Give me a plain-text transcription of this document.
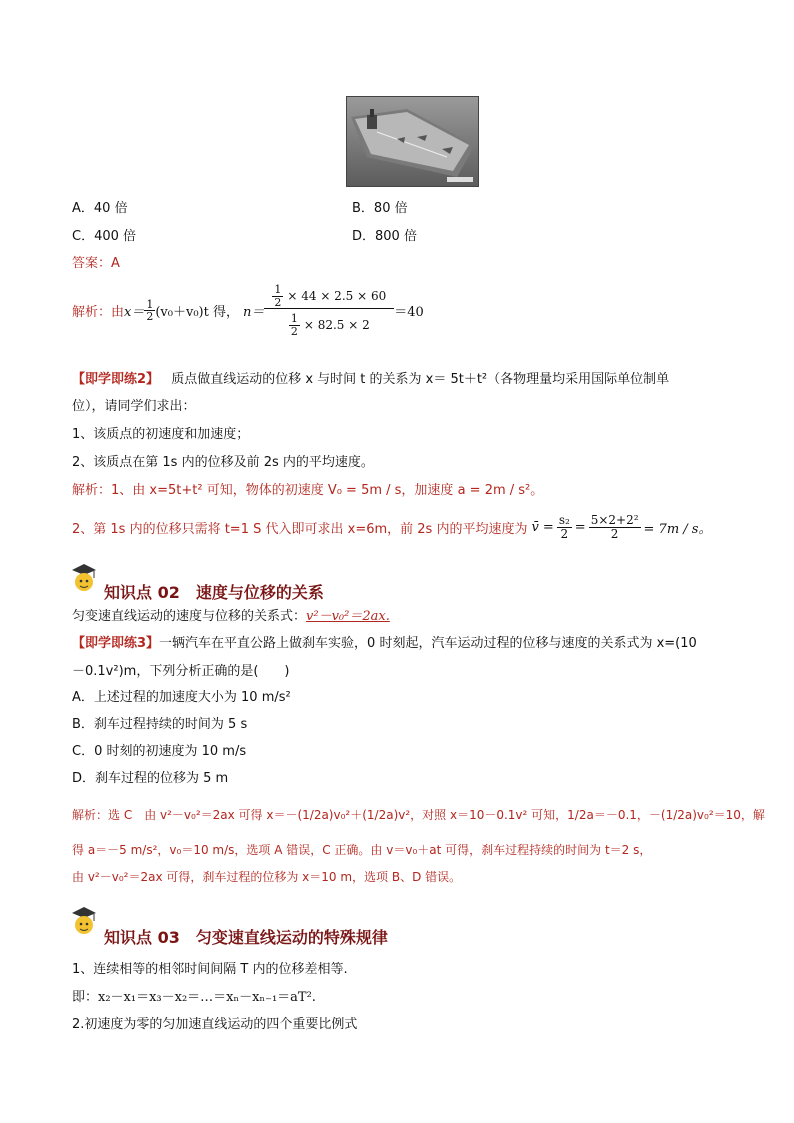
A．40 倍	B．80 倍
C．400 倍	D．800 倍
答案：A
解析：由 $x= \frac{1}{2} (v_0+v_0)t$ 得， $n= \frac{\frac{1}{2} \times 44 \times 2.5 \times 60}{\frac{1}{2} \times 82.5 \times 2} =40$
【即学即练2】 质点做直线运动的位移 x 与时间 t 的关系为 x＝ 5t＋t²（各物理量均采用国际单位制单
位），请同学们求出：
1、该质点的初速度和加速度；
2、该质点在第 1s 内的位移及前 2s 内的平均速度。
解析：1、由 x=5t+t² 可知，物体的初速度 V₀ = 5m / s，加速度 a = 2m / s²。
2、第 1s 内的位移只需将 t=1 S 代入即可求出 x=6m，前 2s 内的平均速度为 v̄ = $\frac{\text{s₂}}{2} = \frac{\text{5×2+2²}}{2} = 7m / s$。
知识点 02　速度与位移的关系
匀变速直线运动的速度与位移的关系式：v²－v₀²＝2ax.
【即学即练3】一辆汽车在平直公路上做刹车实验，0 时刻起，汽车运动过程的位移与速度的关系式为 x=(10
－0.1v²)m，下列分析正确的是(　　)
A．上述过程的加速度大小为 10 m/s²
B．刹车过程持续的时间为 5 s
C．0 时刻的初速度为 10 m/s
D．刹车过程的位移为 5 m
解析：选 C　由 v²－v₀²＝2ax 可得 x＝－(1/2a)v₀²＋(1/2a)v²，对照 x＝10－0.1v² 可知，1/2a＝－0.1，－(1/2a)v₀²＝10，解
得 a＝－5 m/s²，v₀＝10 m/s，选项 A 错误，C 正确。由 v＝v₀＋at 可得，刹车过程持续的时间为 t＝2 s，
由 v²－v₀²＝2ax 可得，刹车过程的位移为 x＝10 m，选项 B、D 错误。
知识点 03　匀变速直线运动的特殊规律
1、连续相等的相邻时间间隔 T 内的位移差相等.
即：x₂－x₁＝x₃－x₂＝…＝xₙ－xₙ₋₁＝aT².
2.初速度为零的匀加速直线运动的四个重要比例式
